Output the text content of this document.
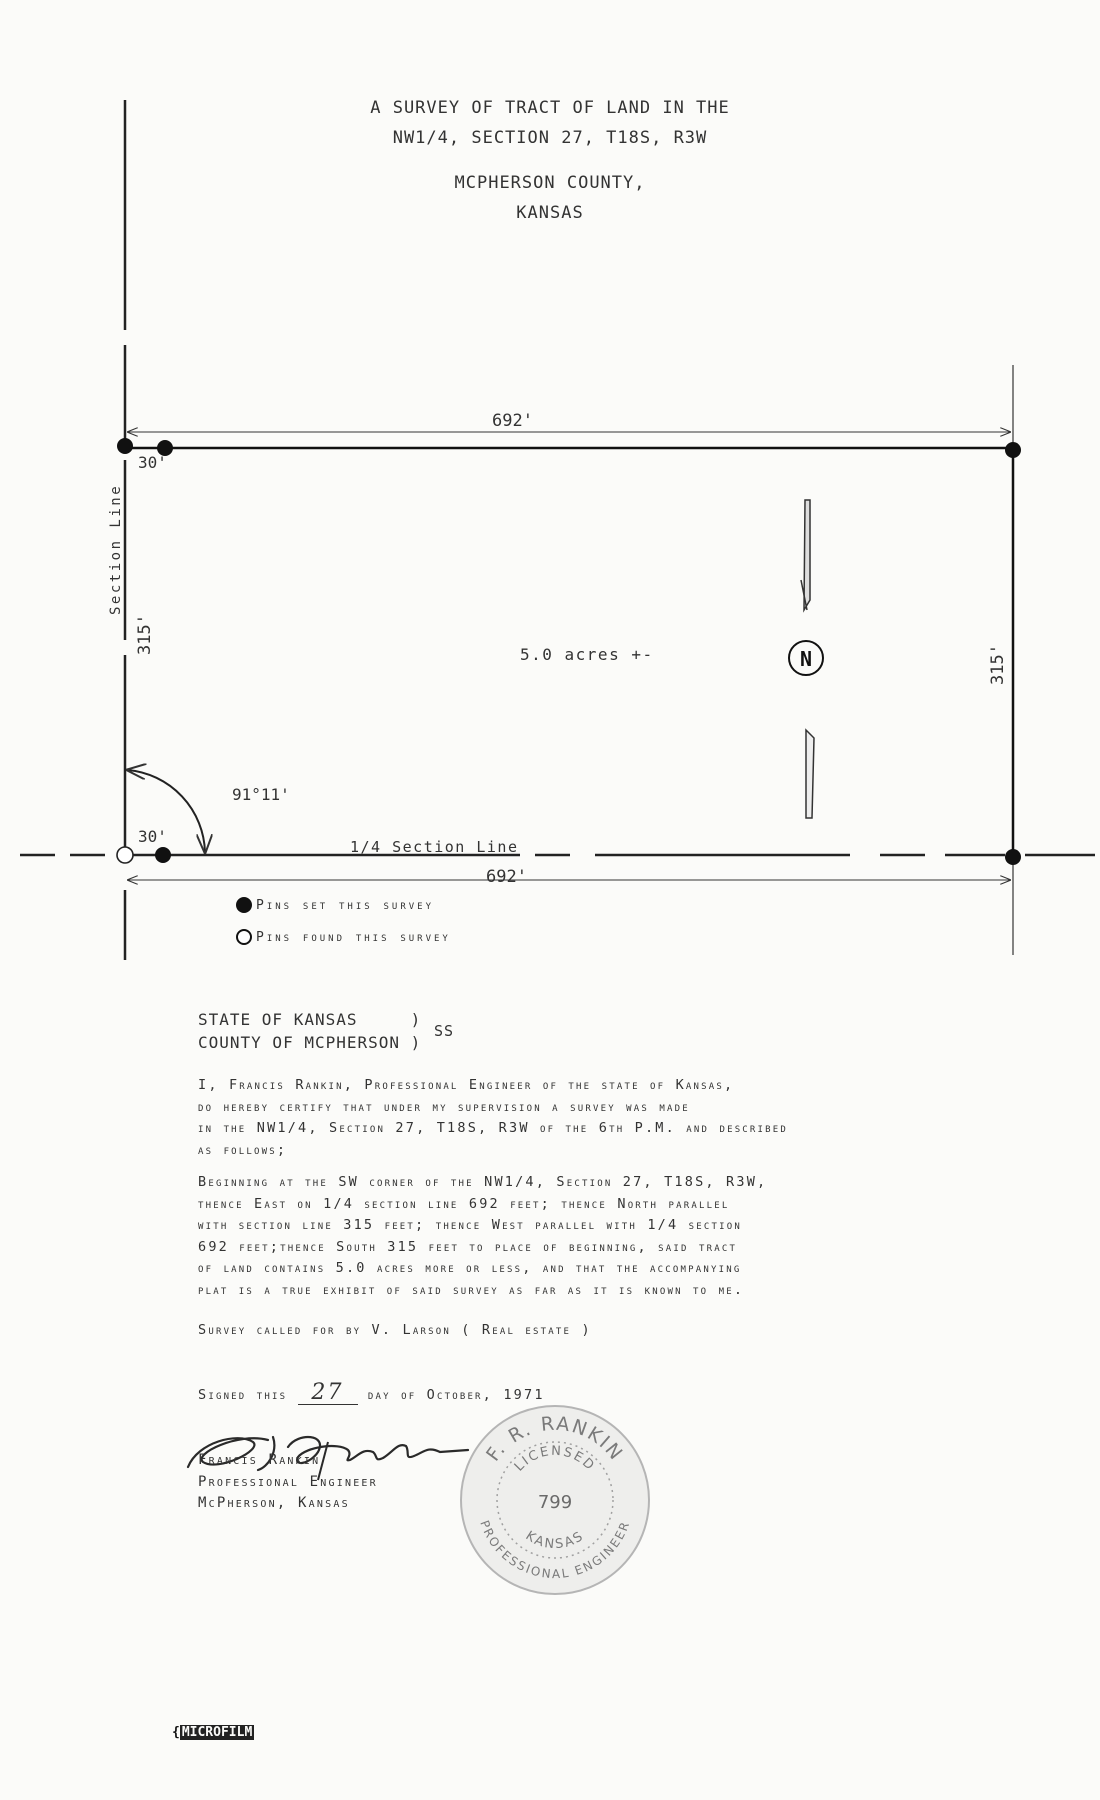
A SURVEY OF TRACT OF LAND IN THE
NW1/4, SECTION 27, T18S, R3W
MCPHERSON COUNTY,
KANSAS
N
692'
692'
30'
30'
91°11'
1/4 Section Line
5.0 acres +-
Section Line
315'
315'
Pins set this survey
Pins found this survey
STATE OF KANSAS     )
COUNTY OF MCPHERSON )
SS
I, Francis Rankin, Professional Engineer of the state of Kansas,
do hereby certify that under my supervision a survey was made
in the NW1/4, Section 27, T18S, R3W of the 6th P.M. and described
as follows;
Beginning at the SW corner of the NW1/4, Section 27, T18S, R3W,
thence East on 1/4 section line 692 feet; thence North parallel
with section line 315 feet; thence West parallel with 1/4 section
692 feet;thence South 315 feet to place of beginning, said tract
of land contains 5.0 acres more or less, and that the accompanying
plat is a true exhibit of said survey as far as it is known to me.
Survey called for by V. Larson ( Real estate )
Signed this 27 day of October, 1971
Francis Rankin
Professional Engineer
McPherson, Kansas
F. R. RANKIN
PROFESSIONAL ENGINEER
LICENSED
KANSAS
799
{ MICROFILM
